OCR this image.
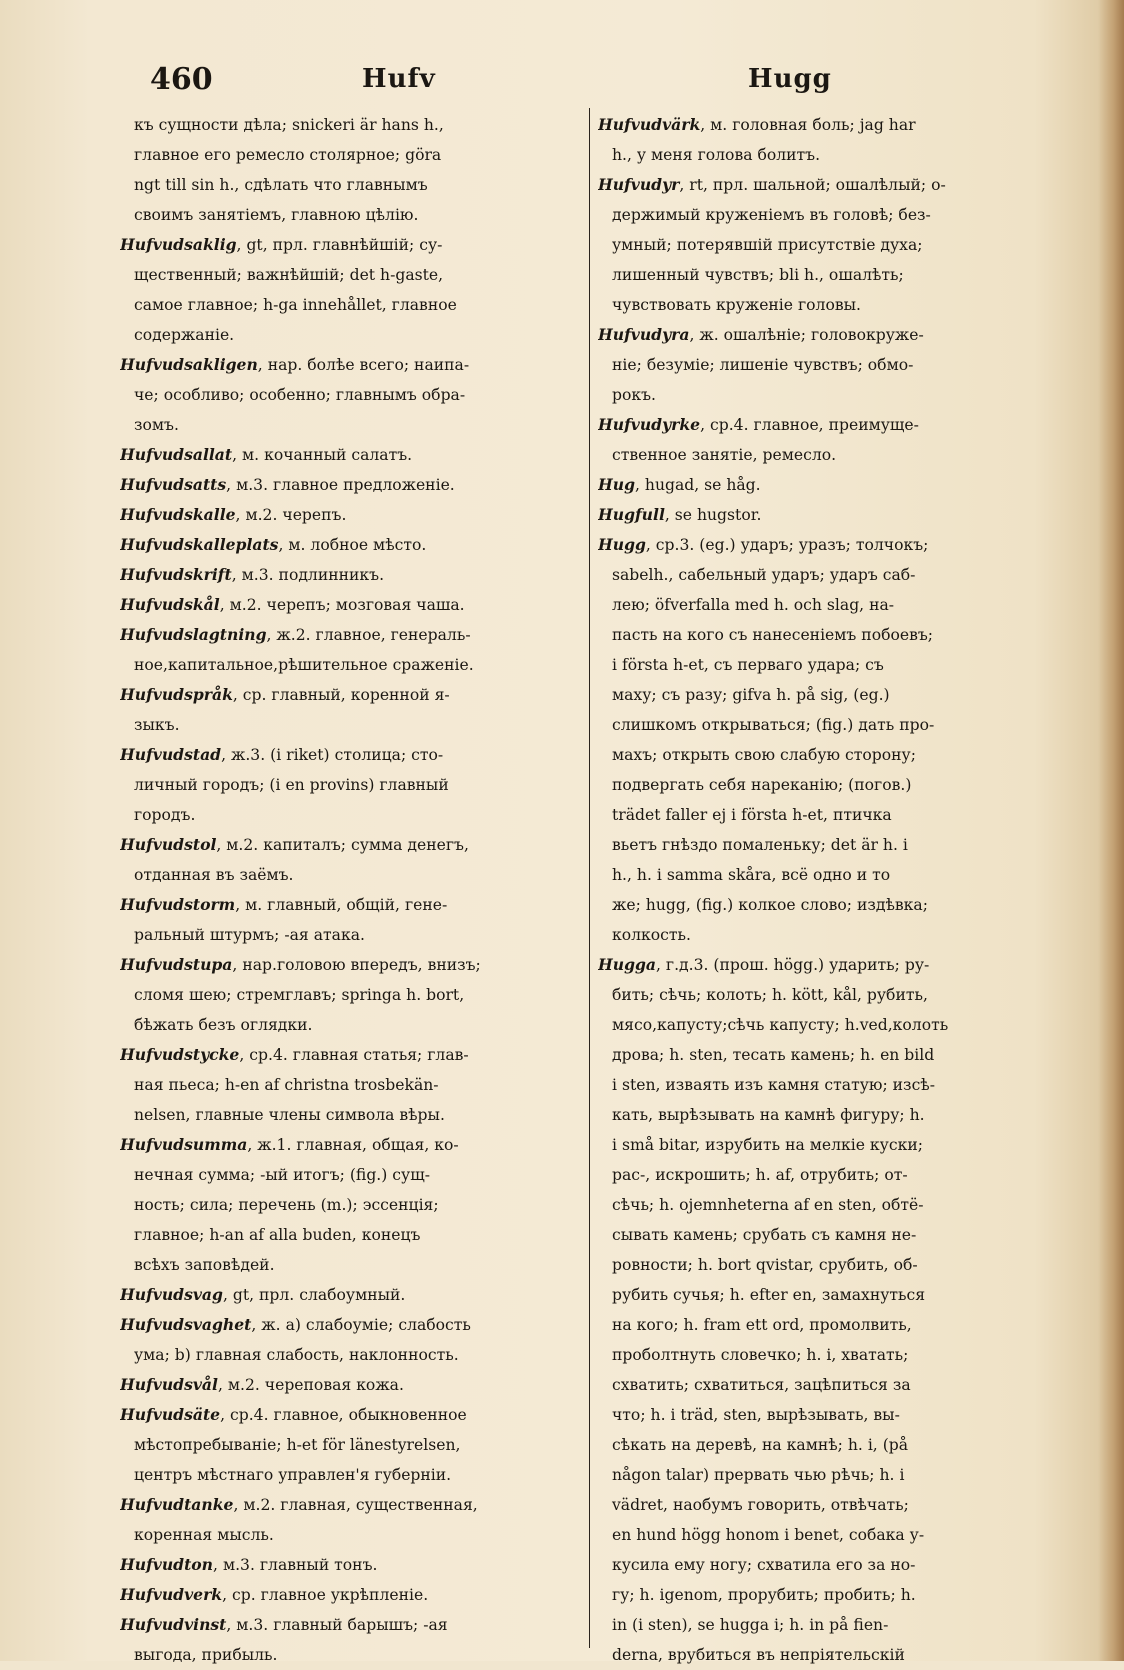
460	Hufv	Hugg
къ сущности дѣла; snickeri är hans h.,
главное его ремесло столярное; göra
ngt till sin h., сдѣлать что главнымъ
своимъ занятіемъ, главною цѣлію.
Hufvudsaklig, gt, прл. главнѣйшій; су-
щественный; важнѣйшій; det h-gaste,
самое главное; h-ga innehållet, главное
содержаніе.
Hufvudsakligen, нар. болѣе всего; наипа-
че; особливо; особенно; главнымъ обра-
зомъ.
Hufvudsallat, м. кочанный салатъ.
Hufvudsatts, м.3. главное предложеніе.
Hufvudskalle, м.2. черепъ.
Hufvudskalleplats, м. лобное мѣсто.
Hufvudskrift, м.3. подлинникъ.
Hufvudskål, м.2. черепъ; мозговая чаша.
Hufvudslagtning, ж.2. главное, генераль-
ное,капитальное,рѣшительное сраженіе.
Hufvudspråk, ср. главный, коренной я-
зыкъ.
Hufvudstad, ж.3. (i riket) столица; сто-
личный городъ; (i en provins) главный
городъ.
Hufvudstol, м.2. капиталъ; сумма денегъ,
отданная въ заёмъ.
Hufvudstorm, м. главный, общій, гене-
ральный штурмъ; -ая атака.
Hufvudstupa, нар.головою впередъ, внизъ;
сломя шею; стремглавъ; springa h. bort,
бѣжать безъ оглядки.
Hufvudstycke, ср.4. главная статья; глав-
ная пьеса; h-en af christna trosbekän-
nelsen, главные члены символа вѣры.
Hufvudsumma, ж.1. главная, общая, ко-
нечная сумма; -ый итогъ; (fig.) сущ-
ность; сила; перечень (m.); эссенція;
главное; h-an af alla buden, конецъ
всѣхъ заповѣдей.
Hufvudsvag, gt, прл. слабоумный.
Hufvudsvaghet, ж. a) слабоуміе; слабость
ума; b) главная слабость, наклонность.
Hufvudsvål, м.2. череповая кожа.
Hufvudsäte, ср.4. главное, обыкновенное
мѣстопребываніе; h-et för länestyrelsen,
центръ мѣстнаго управлен'я губерніи.
Hufvudtanke, м.2. главная, существенная,
коренная мысль.
Hufvudton, м.3. главный тонъ.
Hufvudverk, ср. главное укрѣпленіе.
Hufvudvinst, м.3. главный барышъ; -ая
выгода, прибыль.
Hufvudvärk, м. головная боль; jag har
h., у меня голова болитъ.
Hufvudyr, rt, прл. шальной; ошалѣлый; о-
держимый круженіемъ въ головѣ; без-
умный; потерявшій присутствіе духа;
лишенный чувствъ; bli h., ошалѣть;
чувствовать круженіе головы.
Hufvudyra, ж. ошалѣніе; головокруже-
ніе; безуміе; лишеніе чувствъ; обмо-
рокъ.
Hufvudyrke, ср.4. главное, преимуще-
ственное занятіе, ремесло.
Hug, hugad, se håg.
Hugfull, se hugstor.
Hugg, ср.3. (eg.) ударъ; уразъ; толчокъ;
sabelh., сабельный ударъ; ударъ саб-
лею; öfverfalla med h. och slag, на-
пасть на кого съ нанесеніемъ побоевъ;
i första h-et, съ перваго удара; съ
маху; съ разу; gifva h. på sig, (eg.)
слишкомъ открываться; (fig.) дать про-
махъ; открыть свою слабую сторону;
подвергать себя нареканію; (погов.)
trädet faller ej i första h-et, птичка
вьетъ гнѣздо помаленьку; det är h. i
h., h. i samma skåra, всё одно и то
же; hugg, (fig.) колкое слово; издѣвка;
колкость.
Hugga, г.д.3. (прош. högg.) ударить; ру-
бить; сѣчь; колоть; h. kött, kål, рубить,
мясо,капусту;сѣчь капусту; h.ved,колоть
дрова; h. sten, тесать камень; h. en bild
i sten, изваять изъ камня статую; изсѣ-
кать, вырѣзывать на камнѣ фигуру; h.
i små bitar, изрубить на мелкіе куски;
рас-, искрошить; h. af, отрубить; от-
сѣчь; h. ojemnheterna af en sten, обтё-
сывать камень; срубать съ камня не-
ровности; h. bort qvistar, срубить, об-
рубить сучья; h. efter en, замахнуться
на кого; h. fram ett ord, промолвить,
проболтнуть словечко; h. i, хватать;
схватить; схватиться, зацѣпиться за
что; h. i träd, sten, вырѣзывать, вы-
сѣкать на деревѣ, на камнѣ; h. i, (på
någon talar) прервать чью рѣчь; h. i
vädret, наобумъ говорить, отвѣчать;
en hund högg honom i benet, собака у-
кусила ему ногу; схватила его за но-
гу; h. igenom, прорубить; пробить; h.
in (i sten), se hugga i; h. in på fien-
derna, врубиться въ непріятельскій
